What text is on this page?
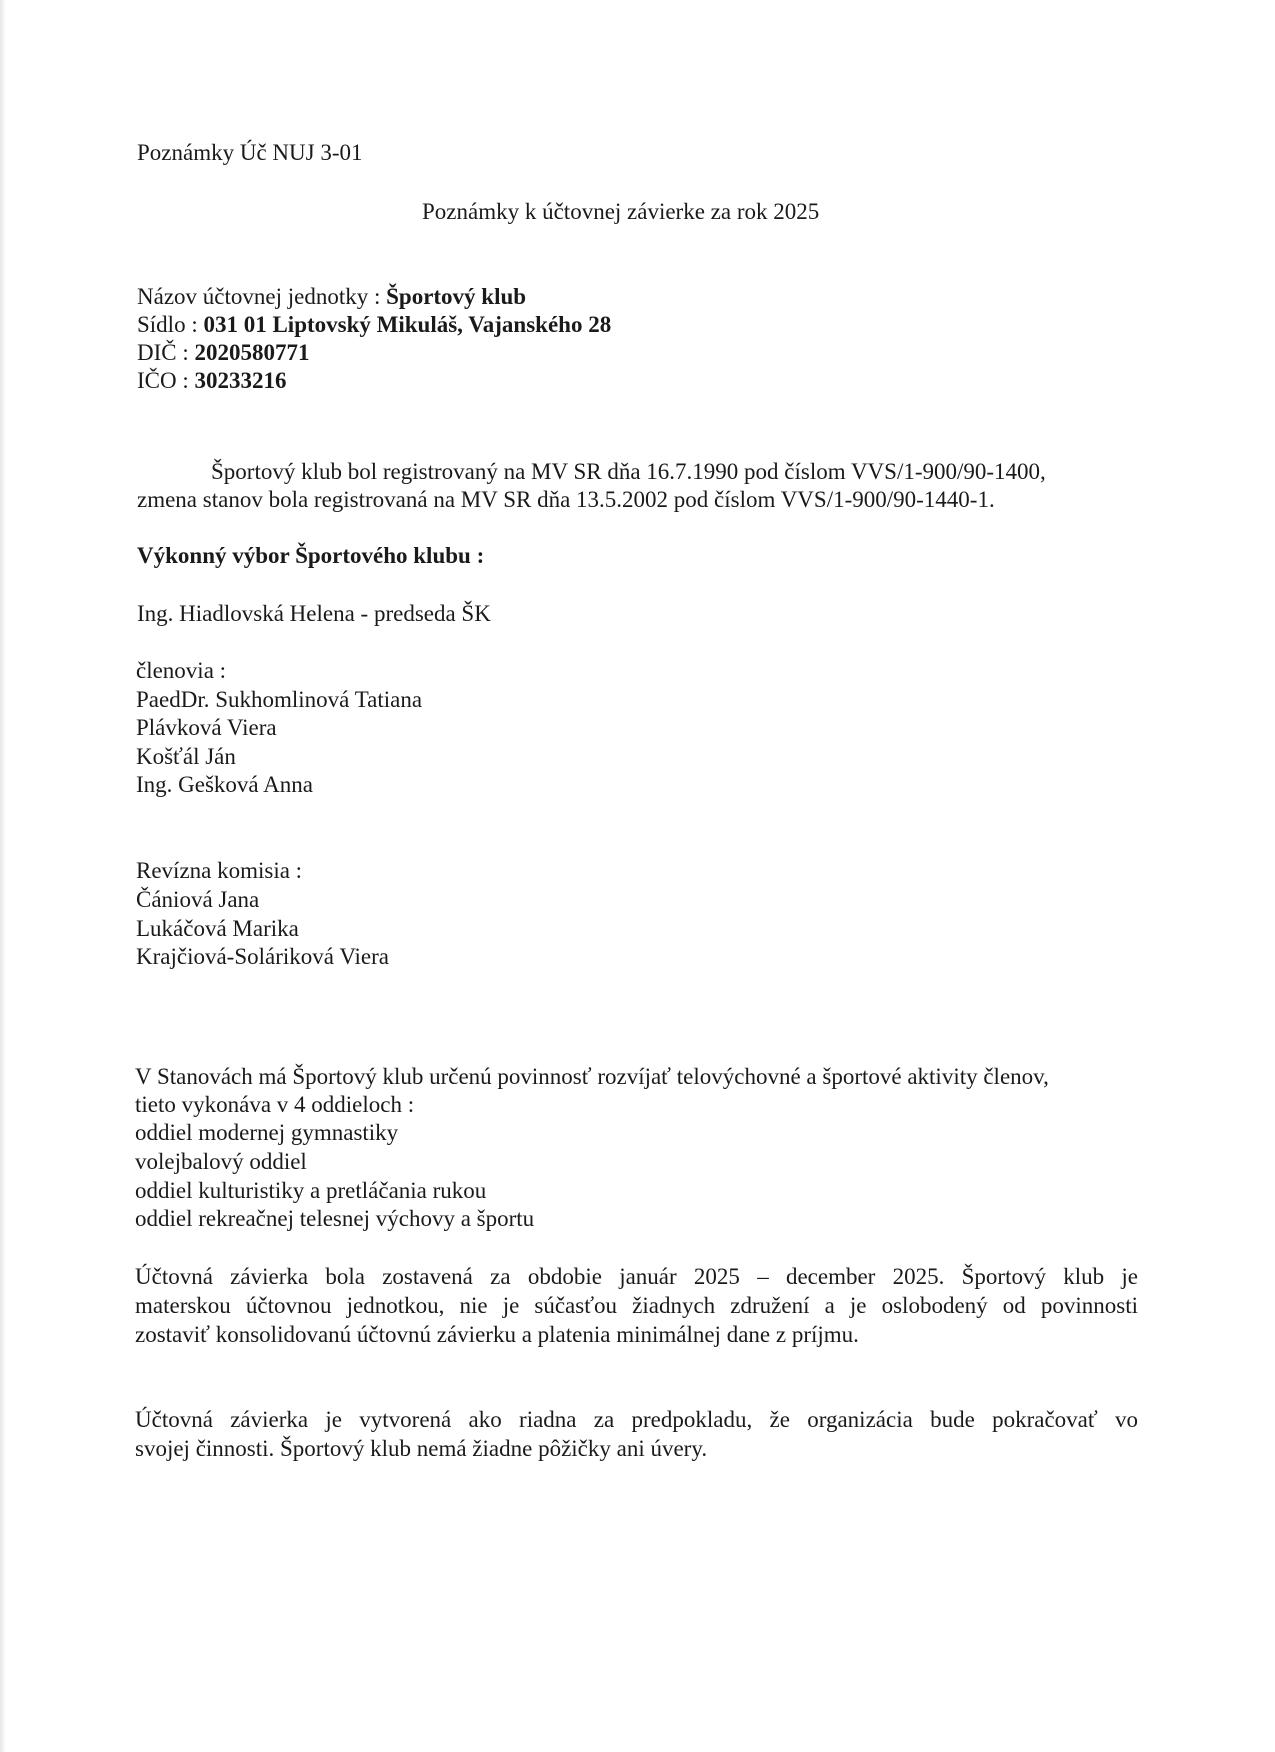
Poznámky Úč NUJ 3-01
Poznámky k účtovnej závierke za rok 2025
Názov účtovnej jednotky : Športový klub
Sídlo : 031 01 Liptovský Mikuláš, Vajanského 28
DIČ : 2020580771
IČO : 30233216
Športový klub bol registrovaný na MV SR dňa 16.7.1990 pod číslom VVS/1-900/90-1400,
zmena stanov bola registrovaná na MV SR dňa 13.5.2002 pod číslom VVS/1-900/90-1440-1.
Výkonný výbor Športového klubu :
Ing. Hiadlovská Helena - predseda ŠK
členovia :
PaedDr. Sukhomlinová Tatiana
Plávková Viera
Košťál Ján
Ing. Gešková Anna
Revízna komisia :
Čániová Jana
Lukáčová Marika
Krajčiová-Soláriková Viera
V Stanovách má Športový klub určenú povinnosť rozvíjať telovýchovné a športové aktivity členov,
tieto vykonáva v 4 oddieloch :
oddiel modernej gymnastiky
volejbalový oddiel
oddiel kulturistiky a pretláčania rukou
oddiel rekreačnej telesnej výchovy a športu
Účtovná závierka bola zostavená za obdobie január 2025 – december 2025. Športový klub je
materskou účtovnou jednotkou, nie je súčasťou žiadnych združení a je oslobodený od povinnosti
zostaviť konsolidovanú účtovnú závierku a platenia minimálnej dane z príjmu.
Účtovná závierka je vytvorená ako riadna za predpokladu, že organizácia bude pokračovať vo
svojej činnosti. Športový klub nemá žiadne pôžičky ani úvery.
